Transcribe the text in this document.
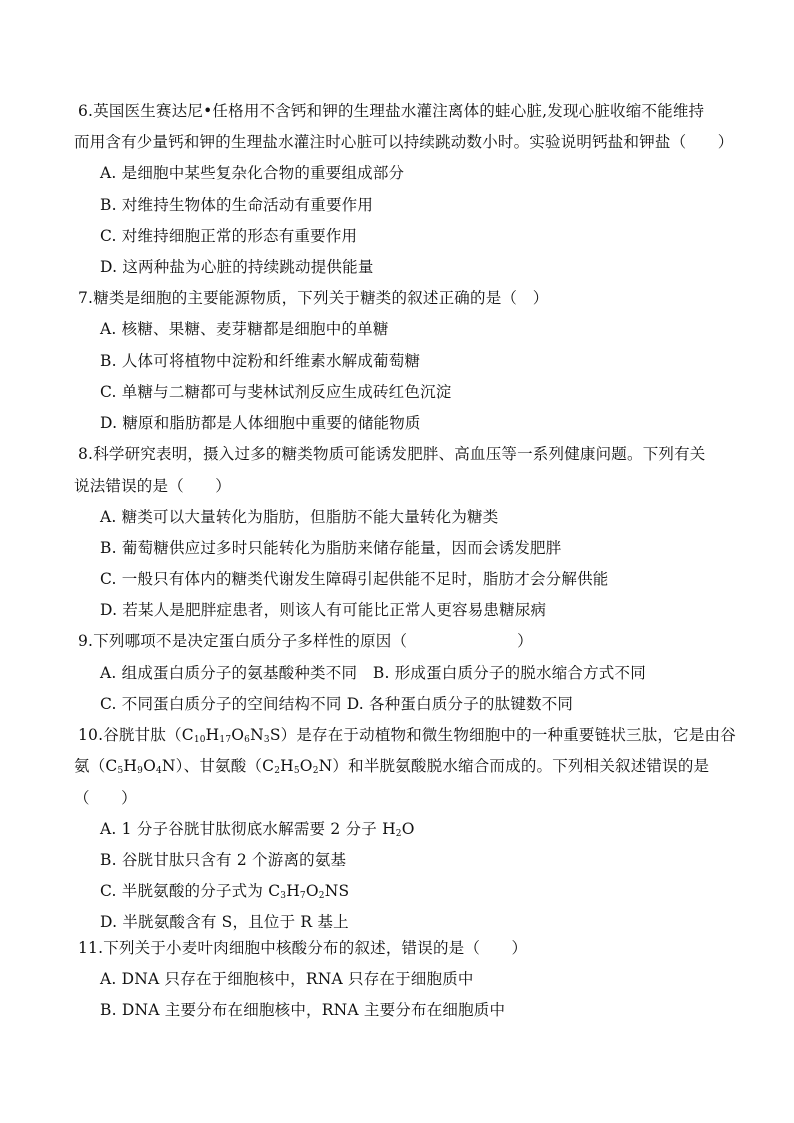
6.英国医生赛达尼•任格用不含钙和钾的生理盐水灌注离体的蛙心脏,发现心脏收缩不能维持
而用含有少量钙和钾的生理盐水灌注时心脏可以持续跳动数小时。实验说明钙盐和钾盐（　　）
A. 是细胞中某些复杂化合物的重要组成部分
B. 对维持生物体的生命活动有重要作用
C. 对维持细胞正常的形态有重要作用
D. 这两种盐为心脏的持续跳动提供能量
7.糖类是细胞的主要能源物质，下列关于糖类的叙述正确的是（　）
A. 核糖、果糖、麦芽糖都是细胞中的单糖
B. 人体可将植物中淀粉和纤维素水解成葡萄糖
C. 单糖与二糖都可与斐林试剂反应生成砖红色沉淀
D. 糖原和脂肪都是人体细胞中重要的储能物质
8.科学研究表明，摄入过多的糖类物质可能诱发肥胖、高血压等一系列健康问题。下列有关
说法错误的是（　　）
A. 糖类可以大量转化为脂肪，但脂肪不能大量转化为糖类
B. 葡萄糖供应过多时只能转化为脂肪来储存能量，因而会诱发肥胖
C. 一般只有体内的糖类代谢发生障碍引起供能不足时，脂肪才会分解供能
D. 若某人是肥胖症患者，则该人有可能比正常人更容易患糖尿病
9.下列哪项不是决定蛋白质分子多样性的原因（　　　　　　　）
A. 组成蛋白质分子的氨基酸种类不同　B. 形成蛋白质分子的脱水缩合方式不同
C. 不同蛋白质分子的空间结构不同 D. 各种蛋白质分子的肽键数不同
10.谷胱甘肽$(C_{10}H_{17}O_6N_3S)$是存在于动植物和微生物细胞中的一种重要链状三肽，它是由谷
氨$(C_5H_9O_4N)$、甘氨酸$(C_2H_5O_2N)$和半胱氨酸脱水缩合而成的。下列相关叙述错误的是
（　　）
A. 1 分子谷胱甘肽彻底水解需要 2 分子 $H_2O$
B. 谷胱甘肽只含有 2 个游离的氨基
C. 半胱氨酸的分子式为 $C_3H_7O_2NS$
D. 半胱氨酸含有 S，且位于 R 基上
11.下列关于小麦叶肉细胞中核酸分布的叙述，错误的是（　　）
A. DNA 只存在于细胞核中，RNA 只存在于细胞质中
B. DNA 主要分布在细胞核中，RNA 主要分布在细胞质中
